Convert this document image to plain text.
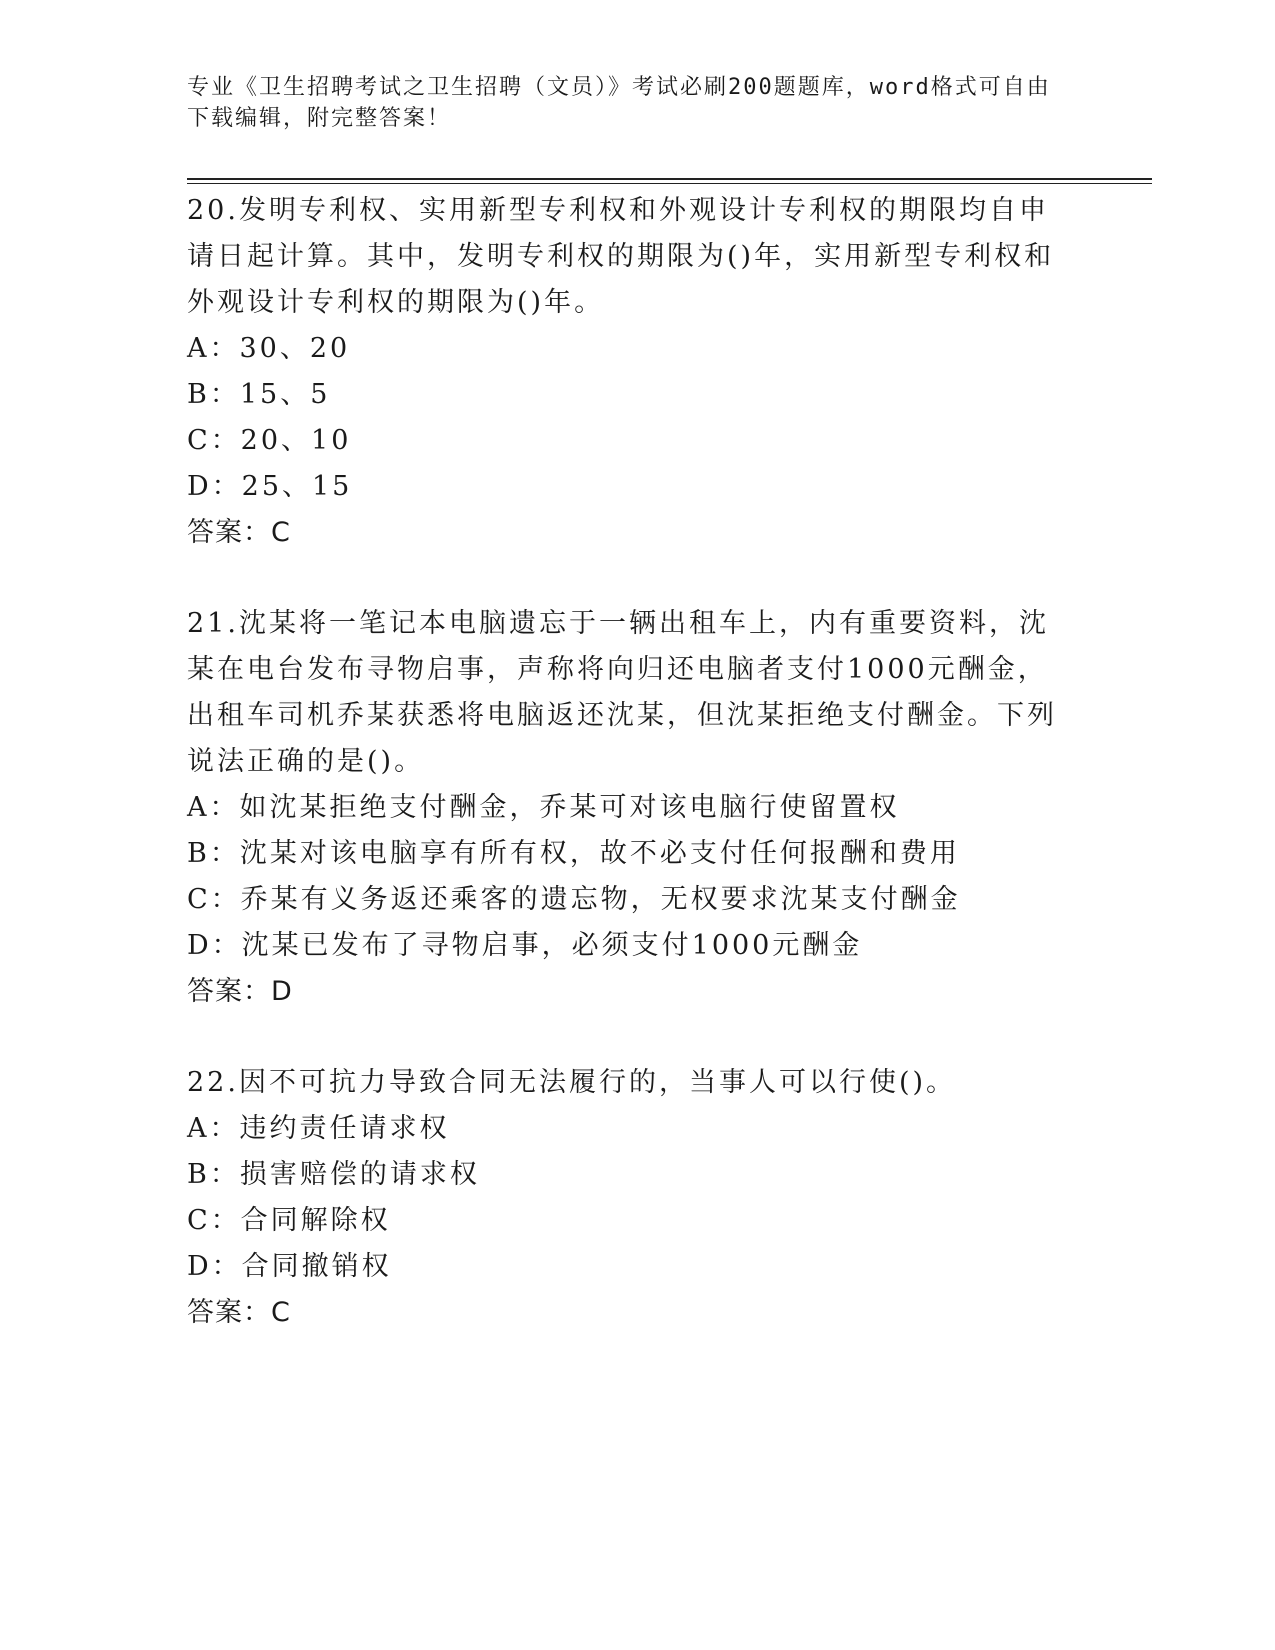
专业《卫生招聘考试之卫生招聘（文员）》考试必刷200题题库，word格式可自由下载编辑，附完整答案！

20.发明专利权、实用新型专利权和外观设计专利权的期限均自申请日起计算。其中，发明专利权的期限为()年，实用新型专利权和外观设计专利权的期限为()年。

A：30、20

B：15、5

C：20、10

D：25、15

答案：C

21.沈某将一笔记本电脑遗忘于一辆出租车上，内有重要资料，沈某在电台发布寻物启事，声称将向归还电脑者支付1000元酬金，出租车司机乔某获悉将电脑返还沈某，但沈某拒绝支付酬金。下列说法正确的是()。

A：如沈某拒绝支付酬金，乔某可对该电脑行使留置权

B：沈某对该电脑享有所有权，故不必支付任何报酬和费用

C：乔某有义务返还乘客的遗忘物，无权要求沈某支付酬金

D：沈某已发布了寻物启事，必须支付1000元酬金

答案：D

22.因不可抗力导致合同无法履行的，当事人可以行使()。

A：违约责任请求权

B：损害赔偿的请求权

C：合同解除权

D：合同撤销权

答案：C
